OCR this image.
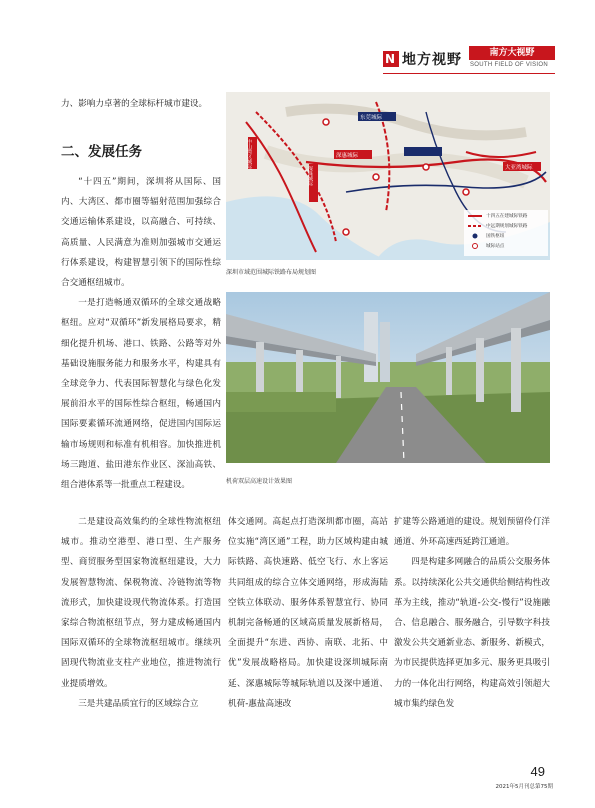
N 地方视野	南方大视野
SOUTH FIELD OF VISION
力、影响力卓著的全球标杆城市建设。
二、发展任务

“十四五”期间，深圳将从国际、国内、大湾区、都市圈等辐射范围加强综合交通运输体系建设，以高融合、可持续、高质量、人民满意为准则加强城市交通运行体系建设，构建智慧引领下的国际性综合交通枢纽城市。

一是打造畅通双循环的全球交通战略枢纽。应对“双循环”新发展格局要求，精细化提升机场、港口、铁路、公路等对外基础设施服务能力和服务水平，构建具有全球竞争力、代表国际智慧化与绿色化发展前沿水平的国际性综合枢纽，畅通国内国际要素循环流通网络，促进国内国际运输市场规则和标准有机相容。加快推进机场三跑道、盐田港东作业区、深汕高铁、组合港体系等一批重点工程建设。

中山湾区城际
深珠城际
深惠城际
东莞城际
大亚湾城际
十四五在建城际铁路
中远期规划城际铁路
国铁枢纽
城际站点
深圳市域范围城际铁路布局规划图
机荷双层高速设计效果图

二是建设高效集约的全球性物流枢纽城市。推动空港型、港口型、生产服务型、商贸服务型国家物流枢纽建设，大力发展智慧物流、保税物流、冷链物流等物流形式，加快建设现代物流体系。打造国家综合物流枢纽节点，努力建成畅通国内国际双循环的全球物流枢纽城市。继续巩固现代物流业支柱产业地位，推进物流行业提质增效。

三是共建品质宜行的区域综合立

体交通网。高起点打造深圳都市圈，高站位实施“湾区通”工程，助力区域构建由城际铁路、高快速路、低空飞行、水上客运共同组成的综合立体交通网络，形成海陆空铁立体联动、服务体系智慧宜行、协同机制完备畅通的区域高质量发展新格局，全面提升“东进、西协、南联、北拓、中优”发展战略格局。加快建设深圳城际南延、深惠城际等城际轨道以及深中通道、机荷-惠盐高速改

扩建等公路通道的建设。规划预留伶仃洋通道、外环高速西延跨江通道。

四是构建多网融合的品质公交服务体系。以持续深化公共交通供给侧结构性改革为主线，推动“轨道-公交-慢行”设施融合、信息融合、服务融合，引导数字科技激发公共交通新业态、新服务、新模式，为市民提供选择更加多元、服务更具吸引力的一体化出行网络，构建高效引领超大城市集约绿色发

49
2021年5月刊总第75期
